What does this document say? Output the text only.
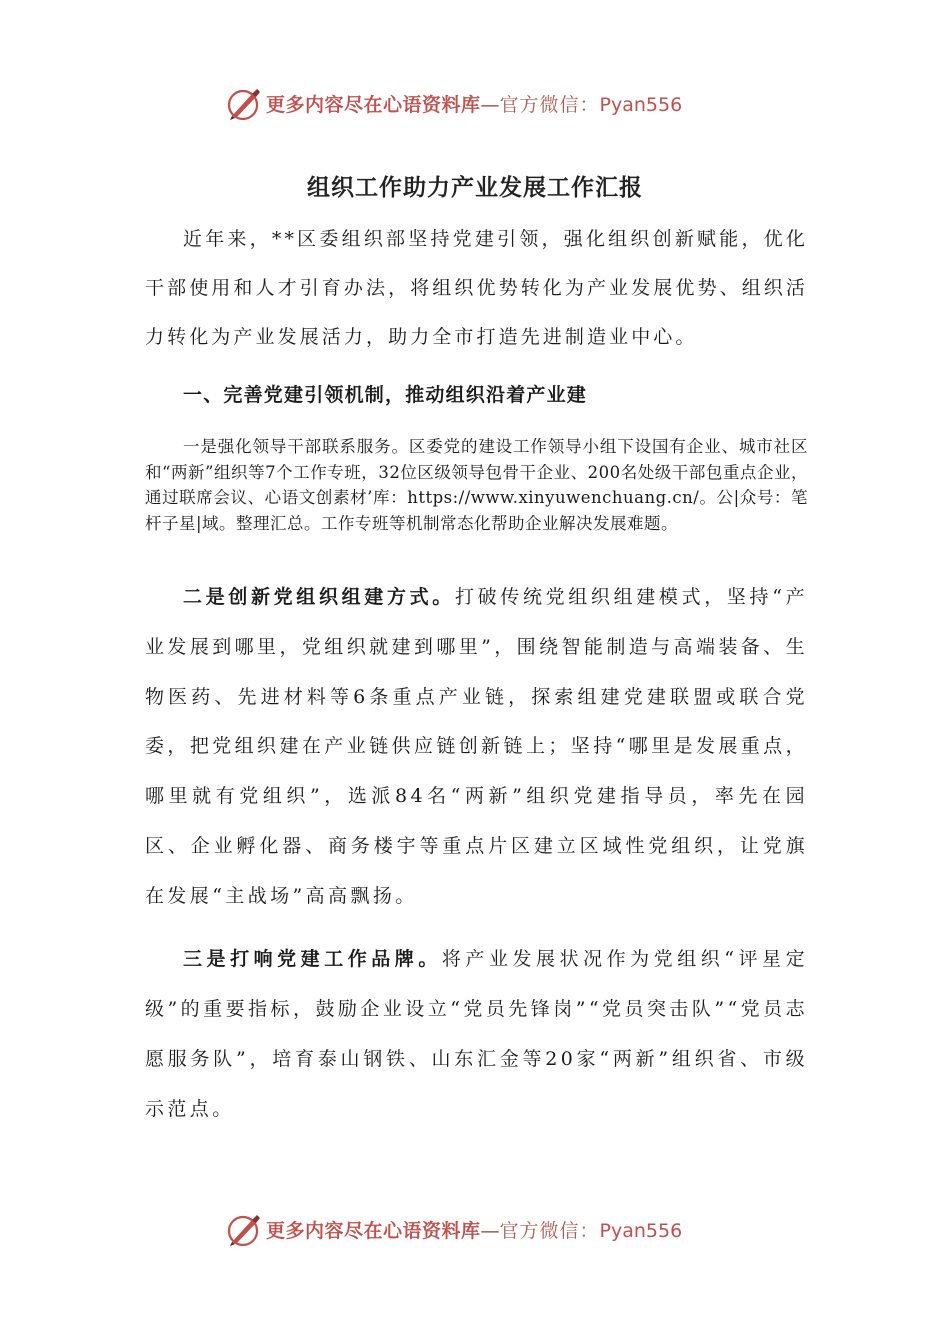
更多内容尽在心语资料库—官方微信：Pyan556
组织工作助力产业发展工作汇报

近年来，**区委组织部坚持党建引领，强化组织创新赋能，优化干部使用和人才引育办法，将组织优势转化为产业发展优势、组织活力转化为产业发展活力，助力全市打造先进制造业中心。

一、完善党建引领机制，推动组织沿着产业建

一是强化领导干部联系服务。区委党的建设工作领导小组下设国有企业、城市社区和“两新”组织等7个工作专班，32位区级领导包骨干企业、200名处级干部包重点企业，通过联席会议、心语文创素材’库：https://www.xinyuwenchuang.cn/。公|众号：笔杆子星|域。整理汇总。工作专班等机制常态化帮助企业解决发展难题。

二是创新党组织组建方式。打破传统党组织组建模式，坚持“产业发展到哪里，党组织就建到哪里”，围绕智能制造与高端装备、生物医药、先进材料等6条重点产业链，探索组建党建联盟或联合党委，把党组织建在产业链供应链创新链上；坚持“哪里是发展重点，哪里就有党组织”，选派84名“两新”组织党建指导员，率先在园区、企业孵化器、商务楼宇等重点片区建立区域性党组织，让党旗在发展“主战场”高高飘扬。

三是打响党建工作品牌。将产业发展状况作为党组织“评星定级”的重要指标，鼓励企业设立“党员先锋岗”“党员突击队”“党员志愿服务队”，培育泰山钢铁、山东汇金等20家“两新”组织省、市级示范点。

更多内容尽在心语资料库—官方微信：Pyan556
